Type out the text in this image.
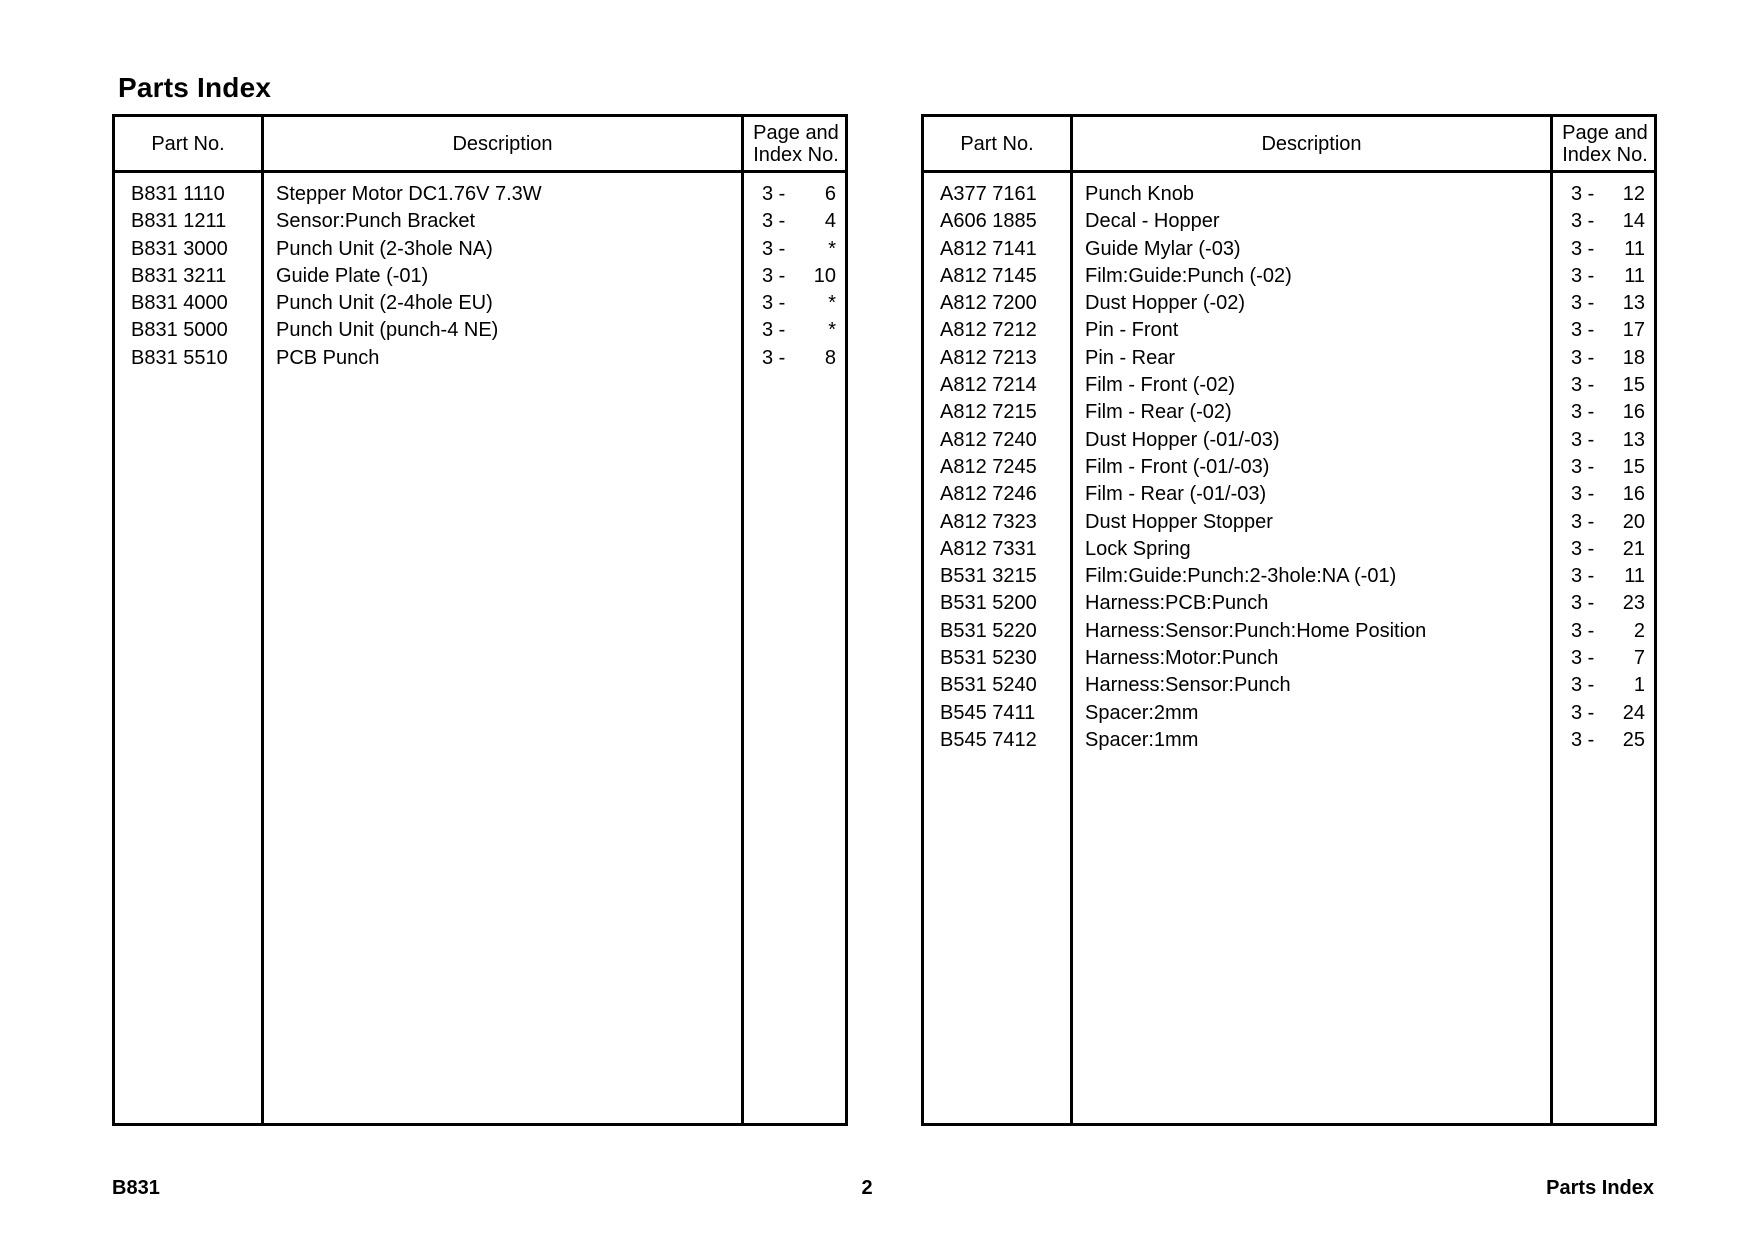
Parts Index
Part No.	Description	Page and
Index No.
B831 1110	Stepper Motor DC1.76V 7.3W	3 -	6
B831 1211 Sensor:Punch Bracket	3 -	4
B831 3000 Punch Unit (2-3hole NA)	3 -	*
B831 3211 Guide Plate (-01)	3 -	10
B831 4000 Punch Unit (2-4hole EU)	3 -	*
B831 5000 Punch Unit (punch-4 NE)	3 -	*
B831 5510 PCB Punch	3 -	8
Part No.	Description	Page and
Index No.
A377 7161 Punch Knob	3 -	12
A606 1885 Decal - Hopper	3 -	14
A812 7141 Guide Mylar (-03)	3 -	11
A812 7145 Film:Guide:Punch (-02)	3 -	11
A812 7200 Dust Hopper (-02)	3 -	13
A812 7212 Pin - Front	3 -	17
A812 7213 Pin - Rear	3 -	18
A812 7214 Film - Front (-02)	3 -	15
A812 7215 Film - Rear (-02)	3 -	16
A812 7240 Dust Hopper (-01/-03)	3 -	13
A812 7245 Film - Front (-01/-03)	3 -	15
A812 7246 Film - Rear (-01/-03)	3 -	16
A812 7323 Dust Hopper Stopper	3 -	20
A812 7331 Lock Spring	3 -	21
B531 3215 Film:Guide:Punch:2-3hole:NA (-01)	3 -	11
B531 5200 Harness:PCB:Punch	3 -	23
B531 5220 Harness:Sensor:Punch:Home Position	3 -	2
B531 5230 Harness:Motor:Punch	3 -	7
B531 5240 Harness:Sensor:Punch	3 -	1
B545 7411 Spacer:2mm	3 -	24
B545 7412 Spacer:1mm	3 -	25
B831	2	Parts Index
